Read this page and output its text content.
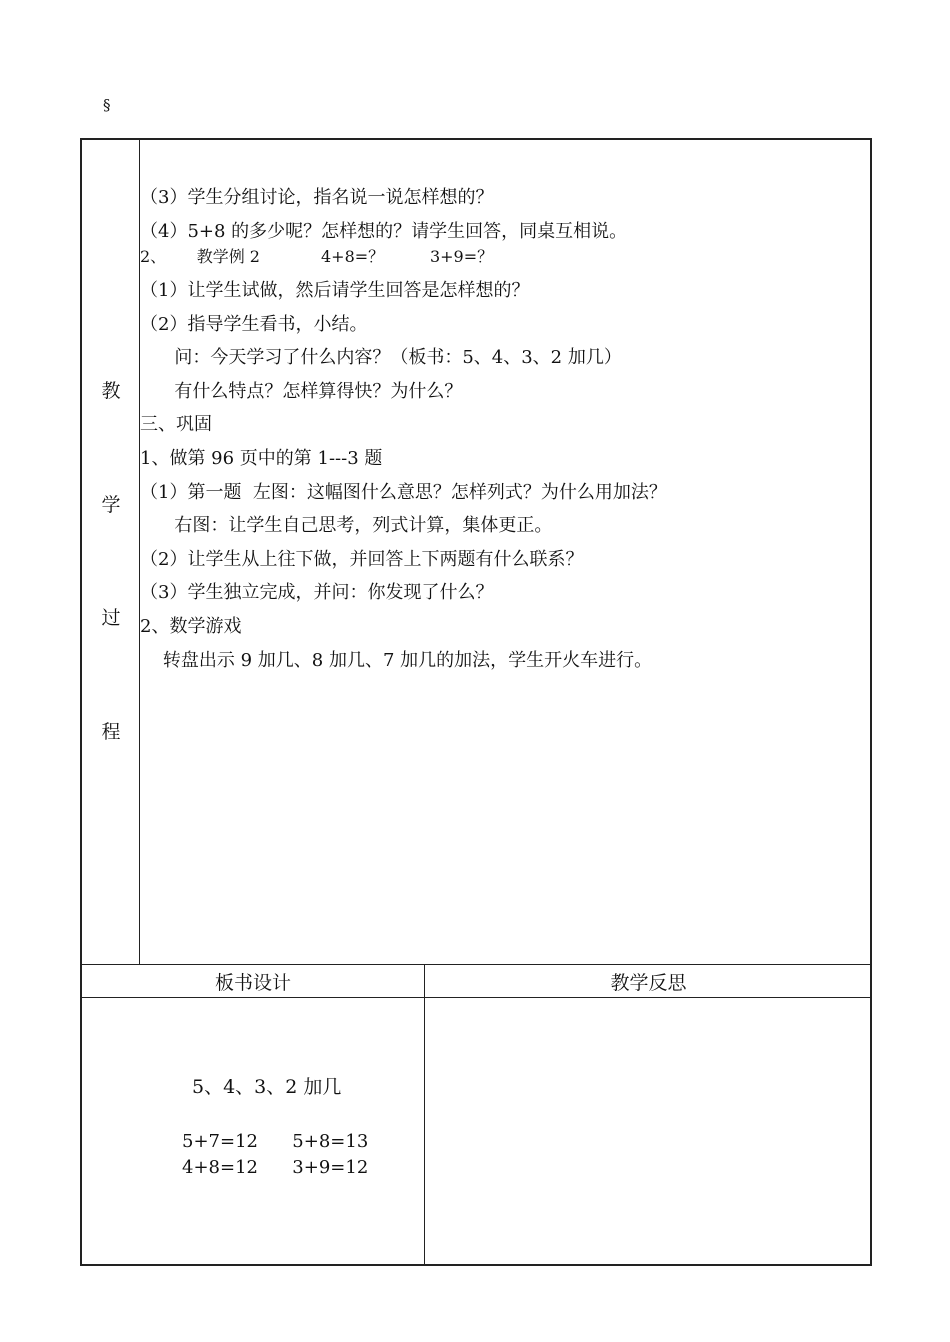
§
教
学
过
程
（3）学生分组讨论，指名说一说怎样想的？
（4）5+8 的多少呢？怎样想的？请学生回答，同桌互相说。
2、      教学例 2            4+8=？         3+9=？
（1）让学生试做，然后请学生回答是怎样想的？
（2）指导学生看书，小结。
问：今天学习了什么内容？（板书：5、4、3、2 加几）
有什么特点？怎样算得快？为什么？
三、巩固
1、做第 96 页中的第 1---3 题
（1）第一题  左图：这幅图什么意思？怎样列式？为什么用加法？
右图：让学生自己思考，列式计算，集体更正。
（2）让学生从上往下做，并回答上下两题有什么联系？
（3）学生独立完成，并问：你发现了什么？
2、数学游戏
转盘出示 9 加几、8 加几、7 加几的加法，学生开火车进行。
板书设计	教学反思
5、4、3、2 加几
5+7=12      5+8=13
4+8=12      3+9=12
